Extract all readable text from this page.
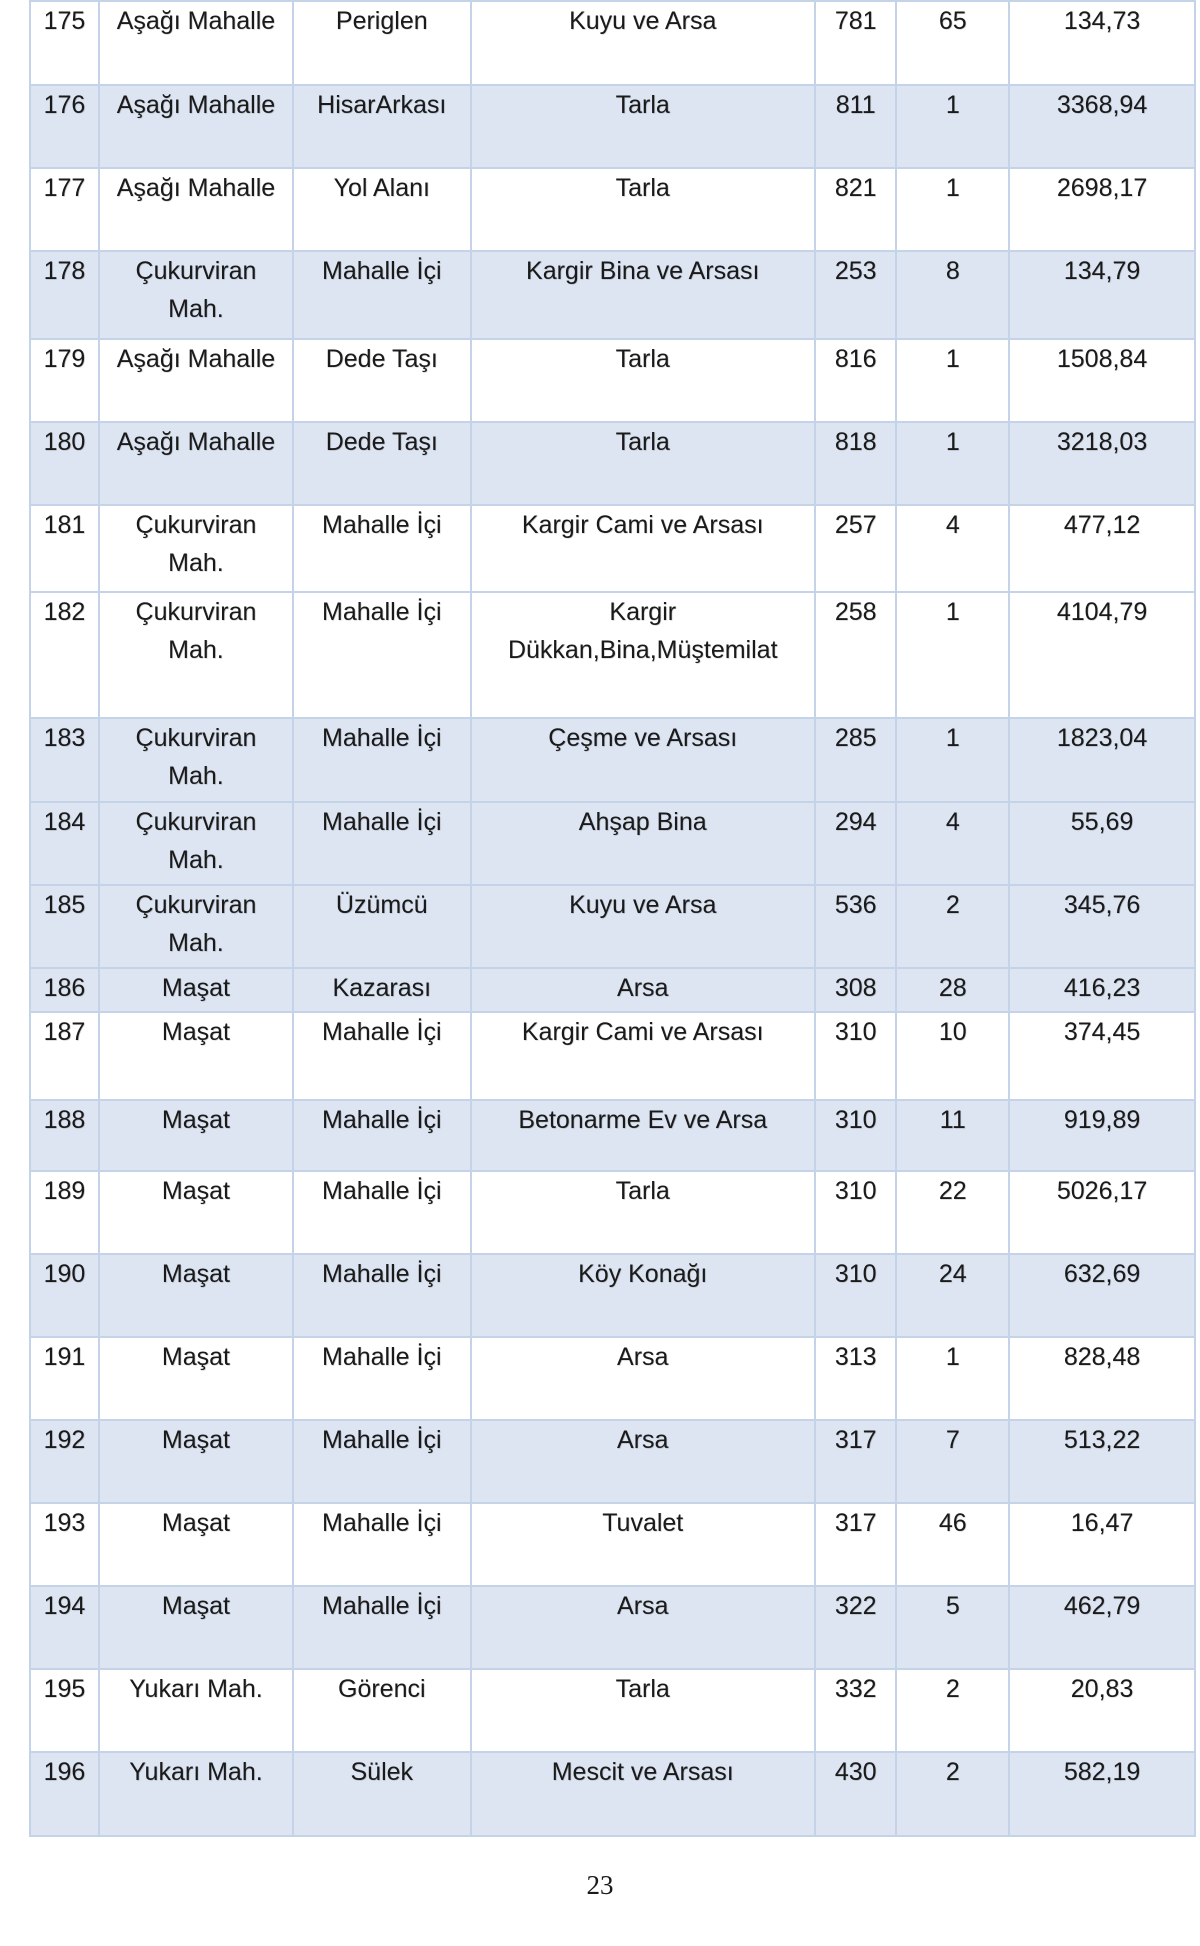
175	Aşağı Mahalle	Periglen	Kuyu ve Arsa	781	65	134,73
176	Aşağı Mahalle	HisarArkası	Tarla	811	1	3368,94
177	Aşağı Mahalle	Yol Alanı	Tarla	821	1	2698,17
178	Çukurviran Mah.	Mahalle İçi	Kargir Bina ve Arsası	253	8	134,79
179	Aşağı Mahalle	Dede Taşı	Tarla	816	1	1508,84
180	Aşağı Mahalle	Dede Taşı	Tarla	818	1	3218,03
181	Çukurviran Mah.	Mahalle İçi	Kargir Cami ve Arsası	257	4	477,12
182	Çukurviran Mah.	Mahalle İçi	Kargir Dükkan,Bina,Müştemilat	258	1	4104,79
183	Çukurviran Mah.	Mahalle İçi	Çeşme ve Arsası	285	1	1823,04
184	Çukurviran Mah.	Mahalle İçi	Ahşap Bina	294	4	55,69
185	Çukurviran Mah.	Üzümcü	Kuyu ve Arsa	536	2	345,76
186	Maşat	Kazarası	Arsa	308	28	416,23
187	Maşat	Mahalle İçi	Kargir Cami ve Arsası	310	10	374,45
188	Maşat	Mahalle İçi	Betonarme Ev ve Arsa	310	11	919,89
189	Maşat	Mahalle İçi	Tarla	310	22	5026,17
190	Maşat	Mahalle İçi	Köy Konağı	310	24	632,69
191	Maşat	Mahalle İçi	Arsa	313	1	828,48
192	Maşat	Mahalle İçi	Arsa	317	7	513,22
193	Maşat	Mahalle İçi	Tuvalet	317	46	16,47
194	Maşat	Mahalle İçi	Arsa	322	5	462,79
195	Yukarı Mah.	Görenci	Tarla	332	2	20,83
196	Yukarı Mah.	Sülek	Mescit ve Arsası	430	2	582,19
23
